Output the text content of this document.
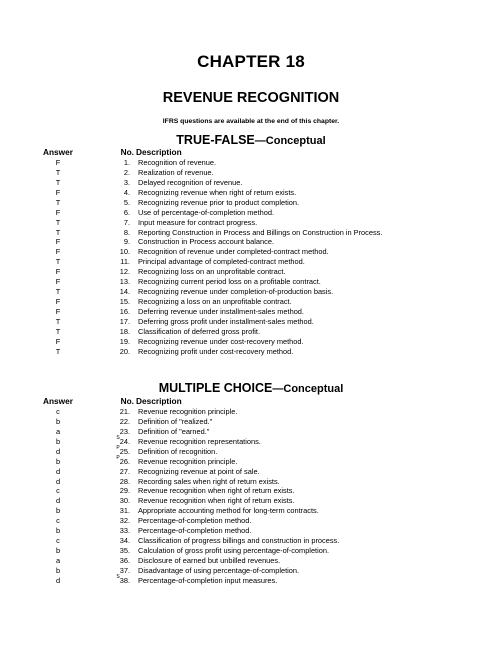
CHAPTER 18
REVENUE RECOGNITION
IFRS questions are available at the end of this chapter.
TRUE-FALSE—Conceptual
Answer	No. Description
F	1. Recognition of revenue.
T	2. Realization of revenue.
T	3. Delayed recognition of revenue.
F	4. Recognizing revenue when right of return exists.
T	5. Recognizing revenue prior to product completion.
F	6. Use of percentage-of-completion method.
T	7. Input measure for contract progress.
T	8. Reporting Construction in Process and Billings on Construction in Process.
F	9. Construction in Process account balance.
F	10. Recognition of revenue under completed-contract method.
T	11. Principal advantage of completed-contract method.
F	12. Recognizing loss on an unprofitable contract.
F	13. Recognizing current period loss on a profitable contract.
T	14. Recognizing revenue under completion-of-production basis.
F	15. Recognizing a loss on an unprofitable contract.
F	16. Deferring revenue under installment-sales method.
T	17. Deferring gross profit under installment-sales method.
T	18. Classification of deferred gross profit.
F	19. Recognizing revenue under cost-recovery method.
T	20. Recognizing profit under cost-recovery method.
MULTIPLE CHOICE—Conceptual
Answer	No. Description
c	21. Revenue recognition principle.
b	22. Definition of "realized."
a	23. Definition of "earned."
b	$^S$24. Revenue recognition representations.
d	$^P$25. Definition of recognition.
b	$^P$26. Revenue recognition principle.
d	27. Recognizing revenue at point of sale.
d	28. Recording sales when right of return exists.
c	29. Revenue recognition when right of return exists.
d	30. Revenue recognition when right of return exists.
b	31. Appropriate accounting method for long-term contracts.
c	32. Percentage-of-completion method.
b	33. Percentage-of-completion method.
c	34. Classification of progress billings and construction in process.
b	35. Calculation of gross profit using percentage-of-completion.
a	36. Disclosure of earned but unbilled revenues.
b	37. Disadvantage of using percentage-of-completion.
d	$^S$38. Percentage-of-completion input measures.
